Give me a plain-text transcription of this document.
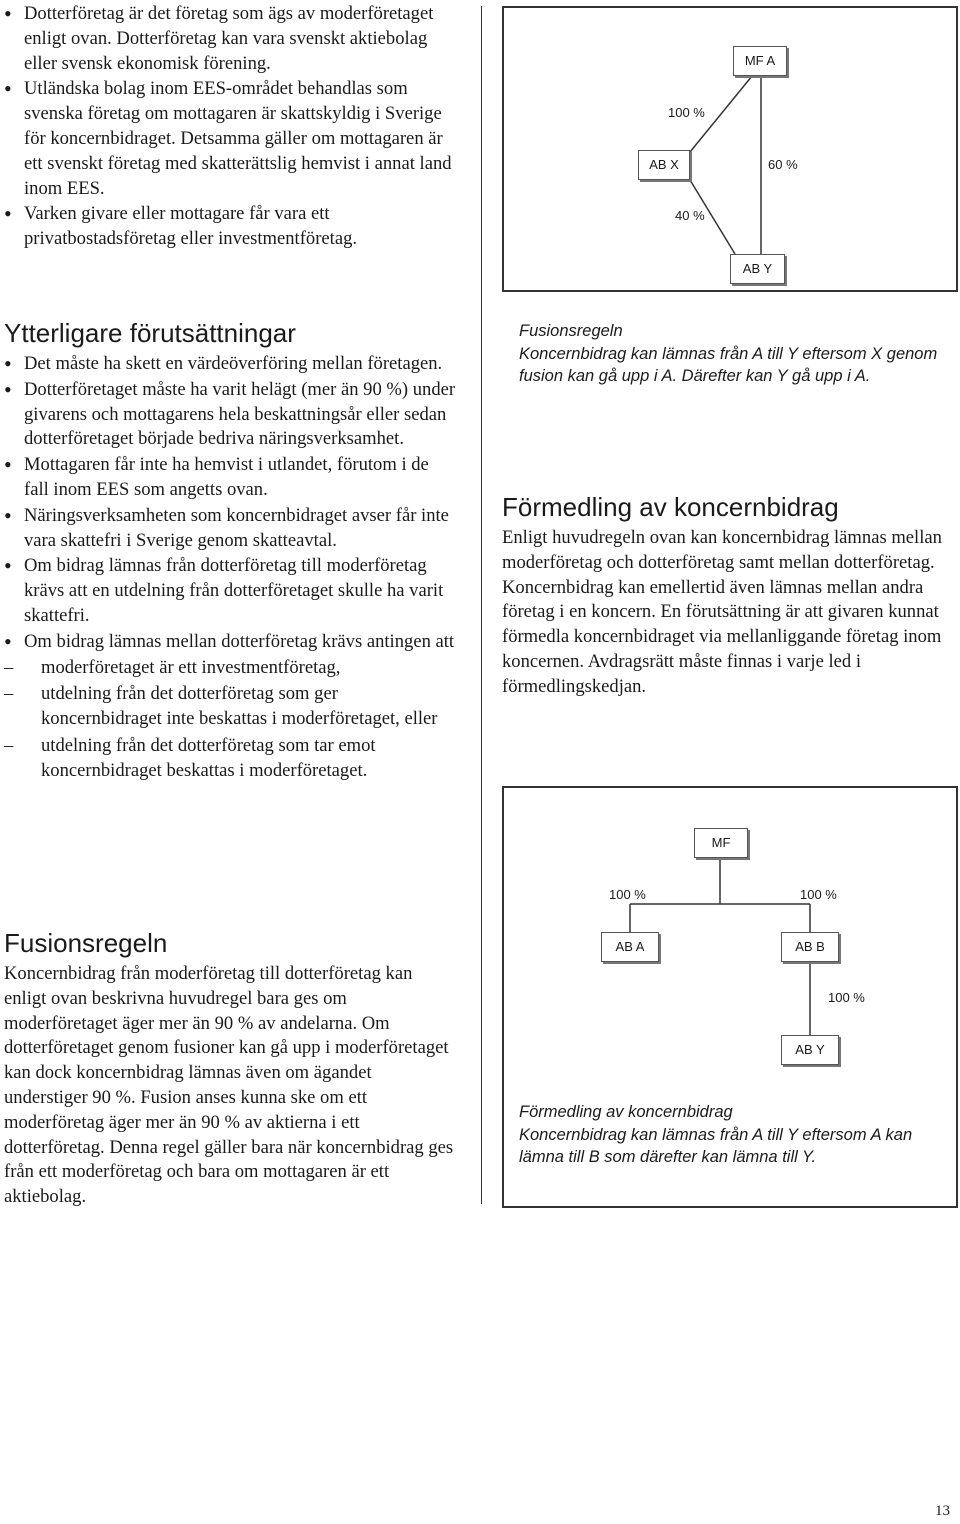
• Dotterföretag är det företag som ägs av moderföretaget enligt ovan. Dotterföretag kan vara svenskt aktiebolag eller svensk ekonomisk förening.
• Utländska bolag inom EES-området behandlas som svenska företag om mottagaren är skattskyldig i Sverige för koncernbidraget. Detsamma gäller om mottagaren är ett svenskt företag med skatterättslig hemvist i annat land inom EES.
• Varken givare eller mottagare får vara ett privatbostadsföretag eller investmentföretag.
Ytterligare förutsättningar
• Det måste ha skett en värdeöverföring mellan företagen.
• Dotterföretaget måste ha varit helägt (mer än 90 %) under givarens och mottagarens hela beskattningsår eller sedan dotterföretaget började bedriva näringsverksamhet.
• Mottagaren får inte ha hemvist i utlandet, förutom i de fall inom EES som angetts ovan.
• Näringsverksamheten som koncernbidraget avser får inte vara skattefri i Sverige genom skatteavtal.
• Om bidrag lämnas från dotterföretag till moderföretag krävs att en utdelning från dotterföretaget skulle ha varit skattefri.
• Om bidrag lämnas mellan dotterföretag krävs antingen att
– moderföretaget är ett investmentföretag,
– utdelning från det dotterföretag som ger koncernbidraget inte beskattas i moderföretaget, eller
– utdelning från det dotterföretag som tar emot koncernbidraget beskattas i moderföretaget.
Fusionsregeln

Koncernbidrag från moderföretag till dotterföretag kan enligt ovan beskrivna huvudregel bara ges om moderföretaget äger mer än 90 % av andelarna. Om dotterföretaget genom fusioner kan gå upp i moderföretaget kan dock koncernbidrag lämnas även om ägandet understiger 90 %. Fusion anses kunna ske om ett moderföretag äger mer än 90 % av aktierna i ett dotterföretag. Denna regel gäller bara när koncernbidrag ges från ett moderföretag och bara om mottagaren är ett aktiebolag.

MF A
AB X
AB Y
100 %
60 %
40 %
Fusionsregeln
Koncernbidrag kan lämnas från A till Y eftersom X genom fusion kan gå upp i A. Därefter kan Y gå upp i A.
Förmedling av koncernbidrag

Enligt huvudregeln ovan kan koncernbidrag lämnas mellan moderföretag och dotterföretag samt mellan dotterföretag. Koncernbidrag kan emellertid även lämnas mellan andra företag i en koncern. En förutsättning är att givaren kunnat förmedla koncernbidraget via mellanliggande företag inom koncernen. Avdragsrätt måste finnas i varje led i förmedlingskedjan.

MF
AB A	AB B
AB Y
100 %	100 %
100 %
Förmedling av koncernbidrag
Koncernbidrag kan lämnas från A till Y eftersom A kan lämna till B som därefter kan lämna till Y.
13
